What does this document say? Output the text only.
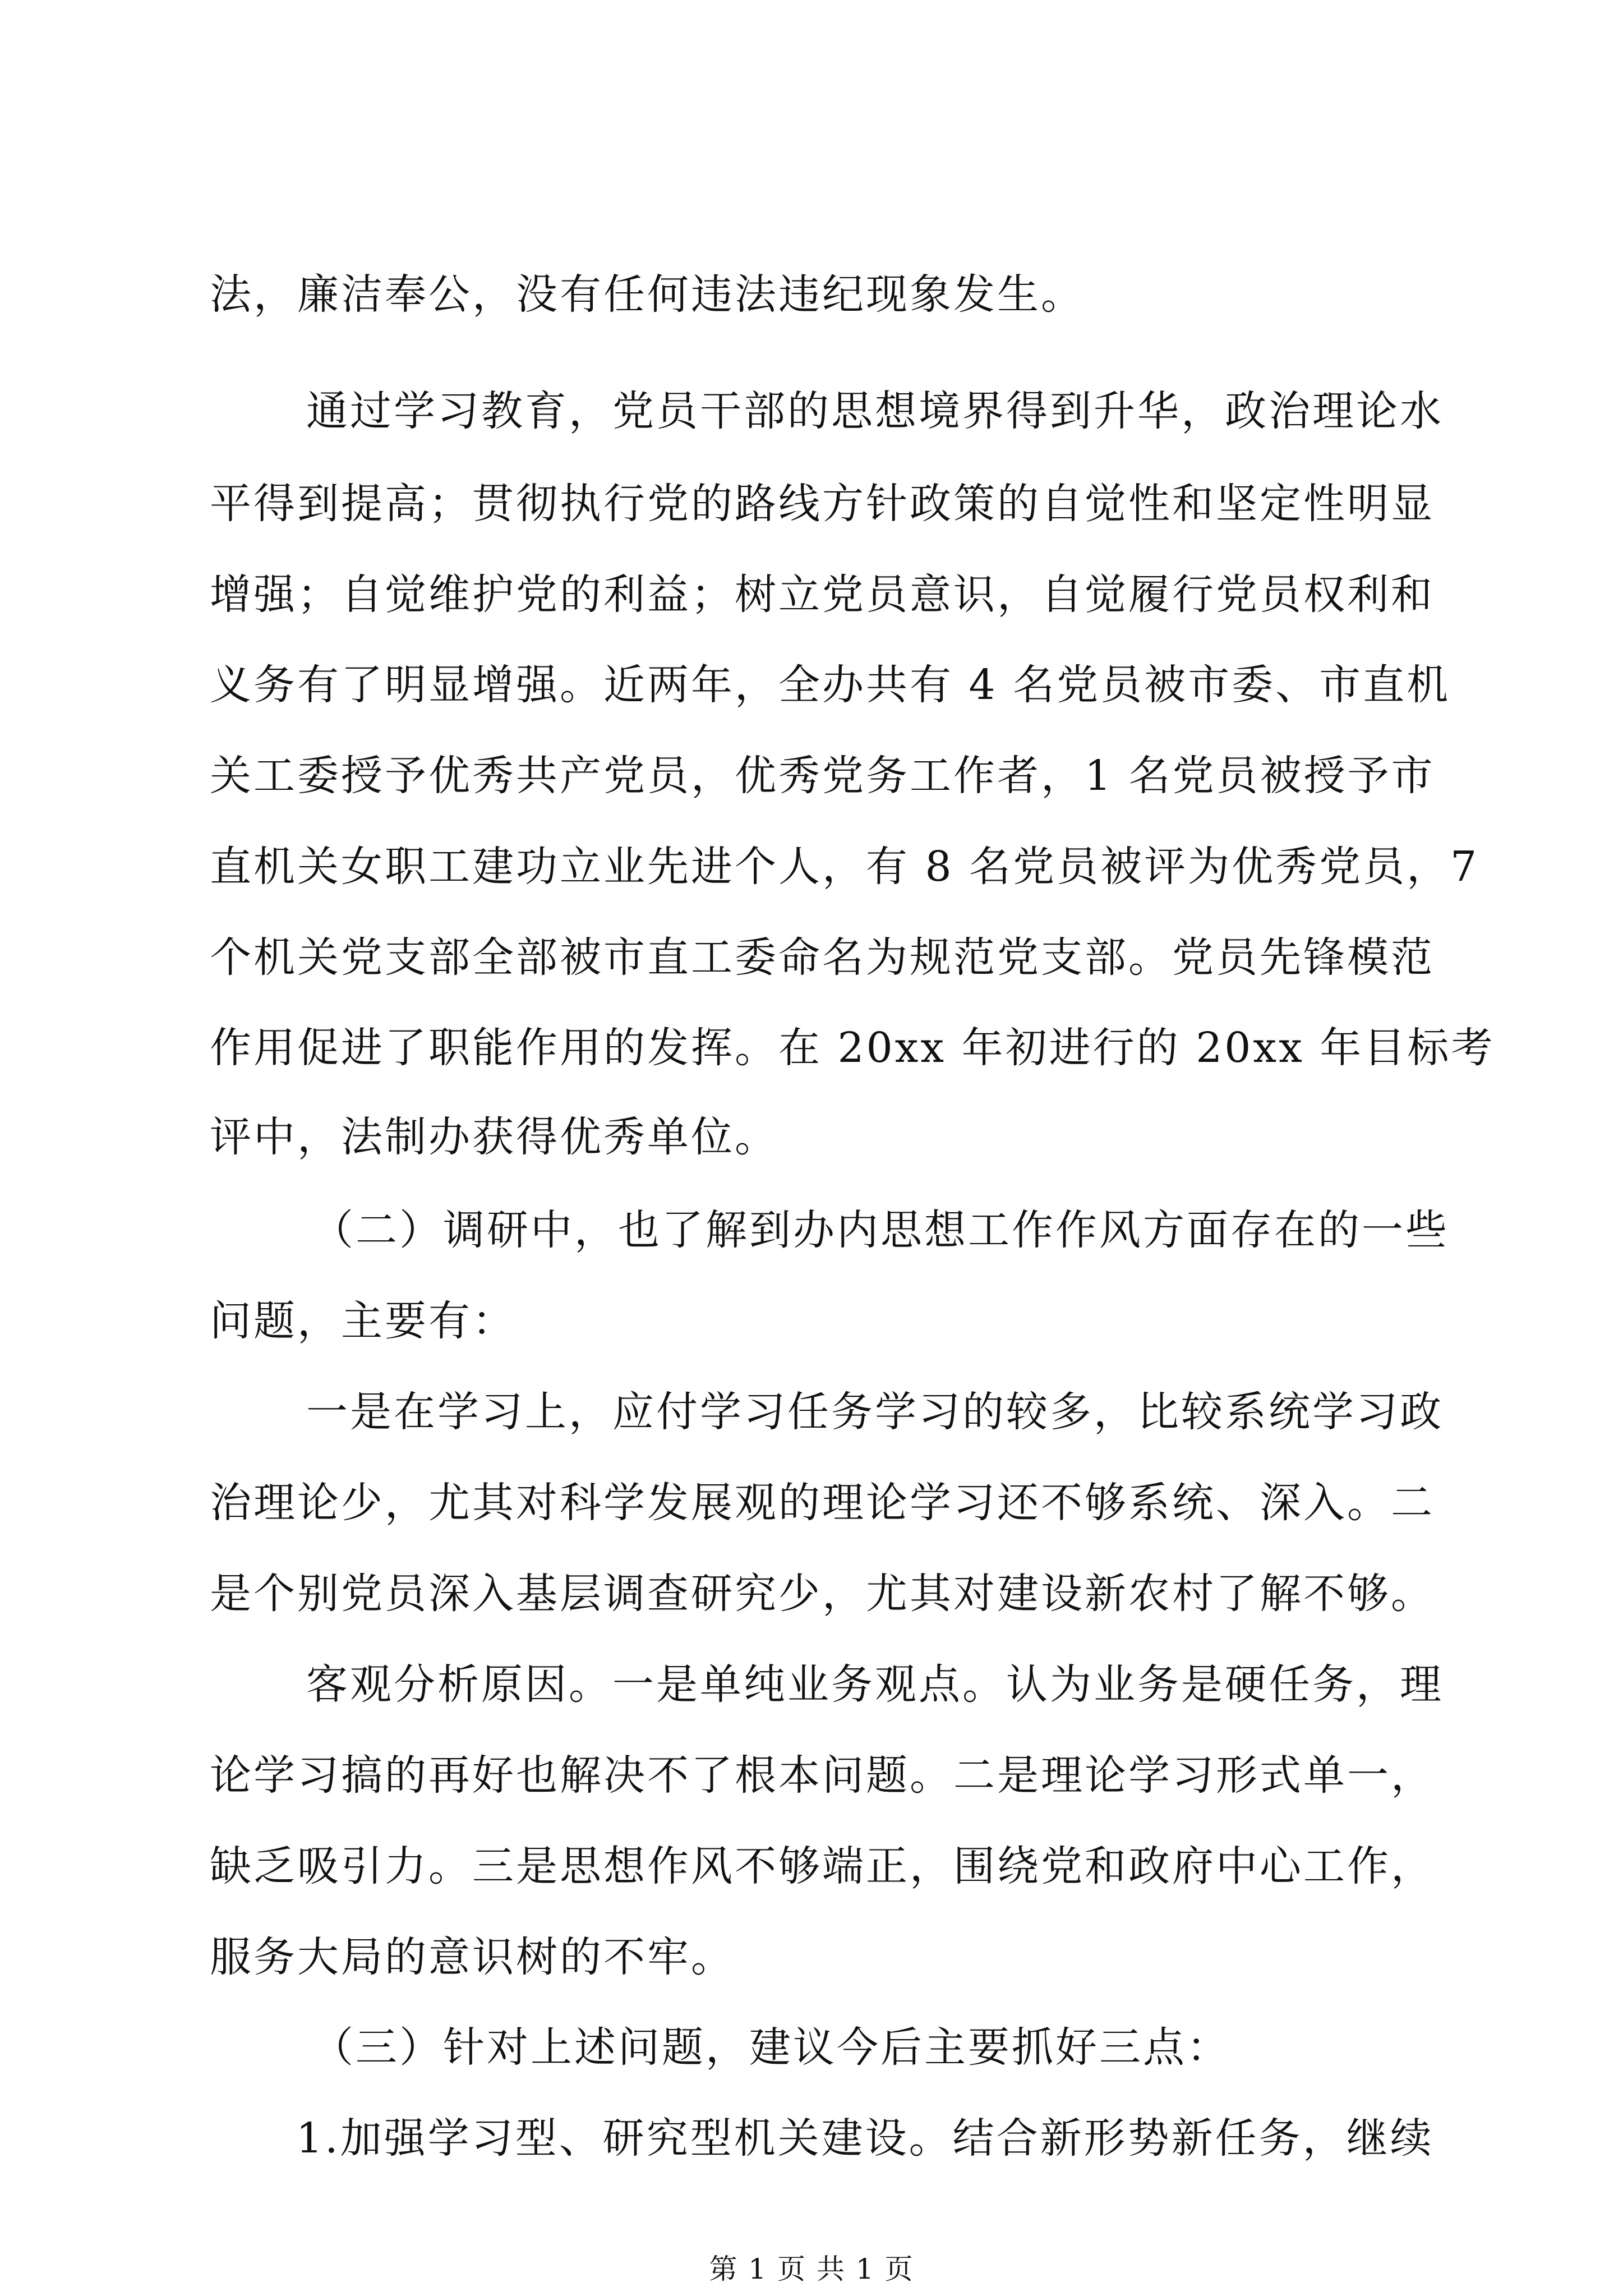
法，廉洁奉公，没有任何违法违纪现象发生。
通过学习教育，党员干部的思想境界得到升华，政治理论水
平得到提高；贯彻执行党的路线方针政策的自觉性和坚定性明显
增强；自觉维护党的利益；树立党员意识，自觉履行党员权利和
义务有了明显增强。近两年，全办共有 4 名党员被市委、市直机
关工委授予优秀共产党员，优秀党务工作者，1 名党员被授予市
直机关女职工建功立业先进个人，有 8 名党员被评为优秀党员，7
个机关党支部全部被市直工委命名为规范党支部。党员先锋模范
作用促进了职能作用的发挥。在 20xx 年初进行的 20xx 年目标考
评中，法制办获得优秀单位。
（二）调研中，也了解到办内思想工作作风方面存在的一些
问题，主要有：
一是在学习上，应付学习任务学习的较多，比较系统学习政
治理论少，尤其对科学发展观的理论学习还不够系统、深入。二
是个别党员深入基层调查研究少，尤其对建设新农村了解不够。
客观分析原因。一是单纯业务观点。认为业务是硬任务，理
论学习搞的再好也解决不了根本问题。二是理论学习形式单一，
缺乏吸引力。三是思想作风不够端正，围绕党和政府中心工作，
服务大局的意识树的不牢。
（三）针对上述问题，建议今后主要抓好三点：
1.加强学习型、研究型机关建设。结合新形势新任务，继续
第 1 页 共 1 页
